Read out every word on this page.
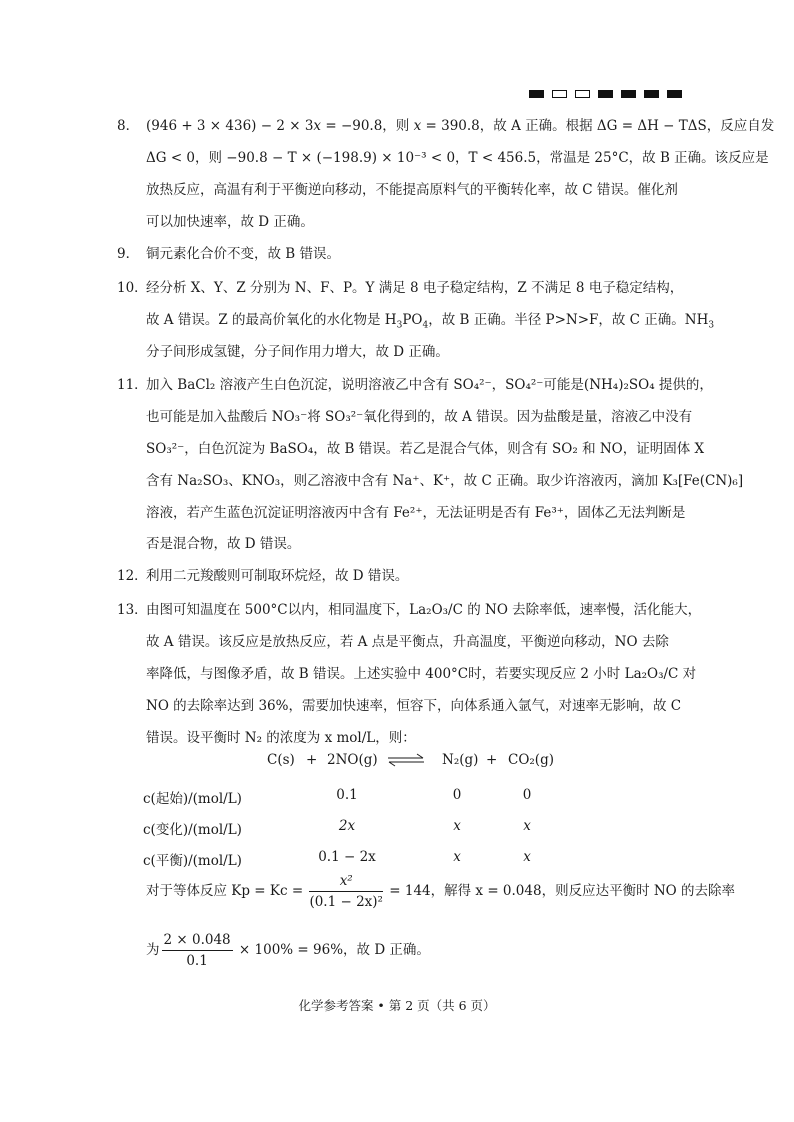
8． (946 + 3 × 436) − 2 × 3x = −90.8，则 x = 390.8，故 A 正确。根据 ΔG = ΔH − TΔS，反应自发
ΔG < 0，则 −90.8 − T × (−198.9) × 10⁻³ < 0，T < 456.5，常温是 25°C，故 B 正确。该反应是
放热反应，高温有利于平衡逆向移动，不能提高原料气的平衡转化率，故 C 错误。催化剂
可以加快速率，故 D 正确。
9． 铜元素化合价不变，故 B 错误。
10．
经分析 X、Y、Z 分别为 N、F、P。Y 满足 8 电子稳定结构，Z 不满足 8 电子稳定结构，
故 A 错误。Z 的最高价氧化的水化物是 $H_3PO_4$，故 B 正确。半径 P>N>F，故 C 正确。$NH_3$
分子间形成氢键，分子间作用力增大，故 D 正确。
11．
加入 BaCl₂ 溶液产生白色沉淀，说明溶液乙中含有 SO₄²⁻，SO₄²⁻可能是(NH₄)₂SO₄ 提供的，
也可能是加入盐酸后 NO₃⁻将 SO₃²⁻氧化得到的，故 A 错误。因为盐酸是量，溶液乙中没有
SO₃²⁻，白色沉淀为 BaSO₄，故 B 错误。若乙是混合气体，则含有 SO₂ 和 NO，证明固体 X
含有 Na₂SO₃、KNO₃，则乙溶液中含有 Na⁺、K⁺，故 C 正确。取少许溶液丙，滴加 K₃[Fe(CN)₆]
溶液，若产生蓝色沉淀证明溶液丙中含有 Fe²⁺，无法证明是否有 Fe³⁺，固体乙无法判断是
否是混合物，故 D 错误。
12．
利用二元羧酸则可制取环烷烃，故 D 错误。
13．
由图可知温度在 500°C以内，相同温度下，La₂O₃/C 的 NO 去除率低，速率慢，活化能大，
故 A 错误。该反应是放热反应，若 A 点是平衡点，升高温度，平衡逆向移动，NO 去除
率降低，与图像矛盾，故 B 错误。上述实验中 400°C时，若要实现反应 2 小时 La₂O₃/C 对
NO 的去除率达到 36%，需要加快速率，恒容下，向体系通入氩气，对速率无影响，故 C
错误。设平衡时 N₂ 的浓度为 x mol/L，则：
C(s) + 2NO(g) ⇌ N₂(g) + CO₂(g)
c(起始)/(mol/L)	0.1	0	0
c(变化)/(mol/L)	2x	x	x
c(平衡)/(mol/L)	0.1 − 2x	x	x
对于等体反应 $Kp = Kc = \frac{\text{x²}}{\text{(0.1 − 2x)²}} = 144$，解得 x = 0.048，则反应达平衡时 NO 的去除率
为 $\frac{2 \times 0.048}{0.1} \times 100\% = 96\%$，故 D 正确。
化学参考答案 • 第 2 页（共 6 页）
